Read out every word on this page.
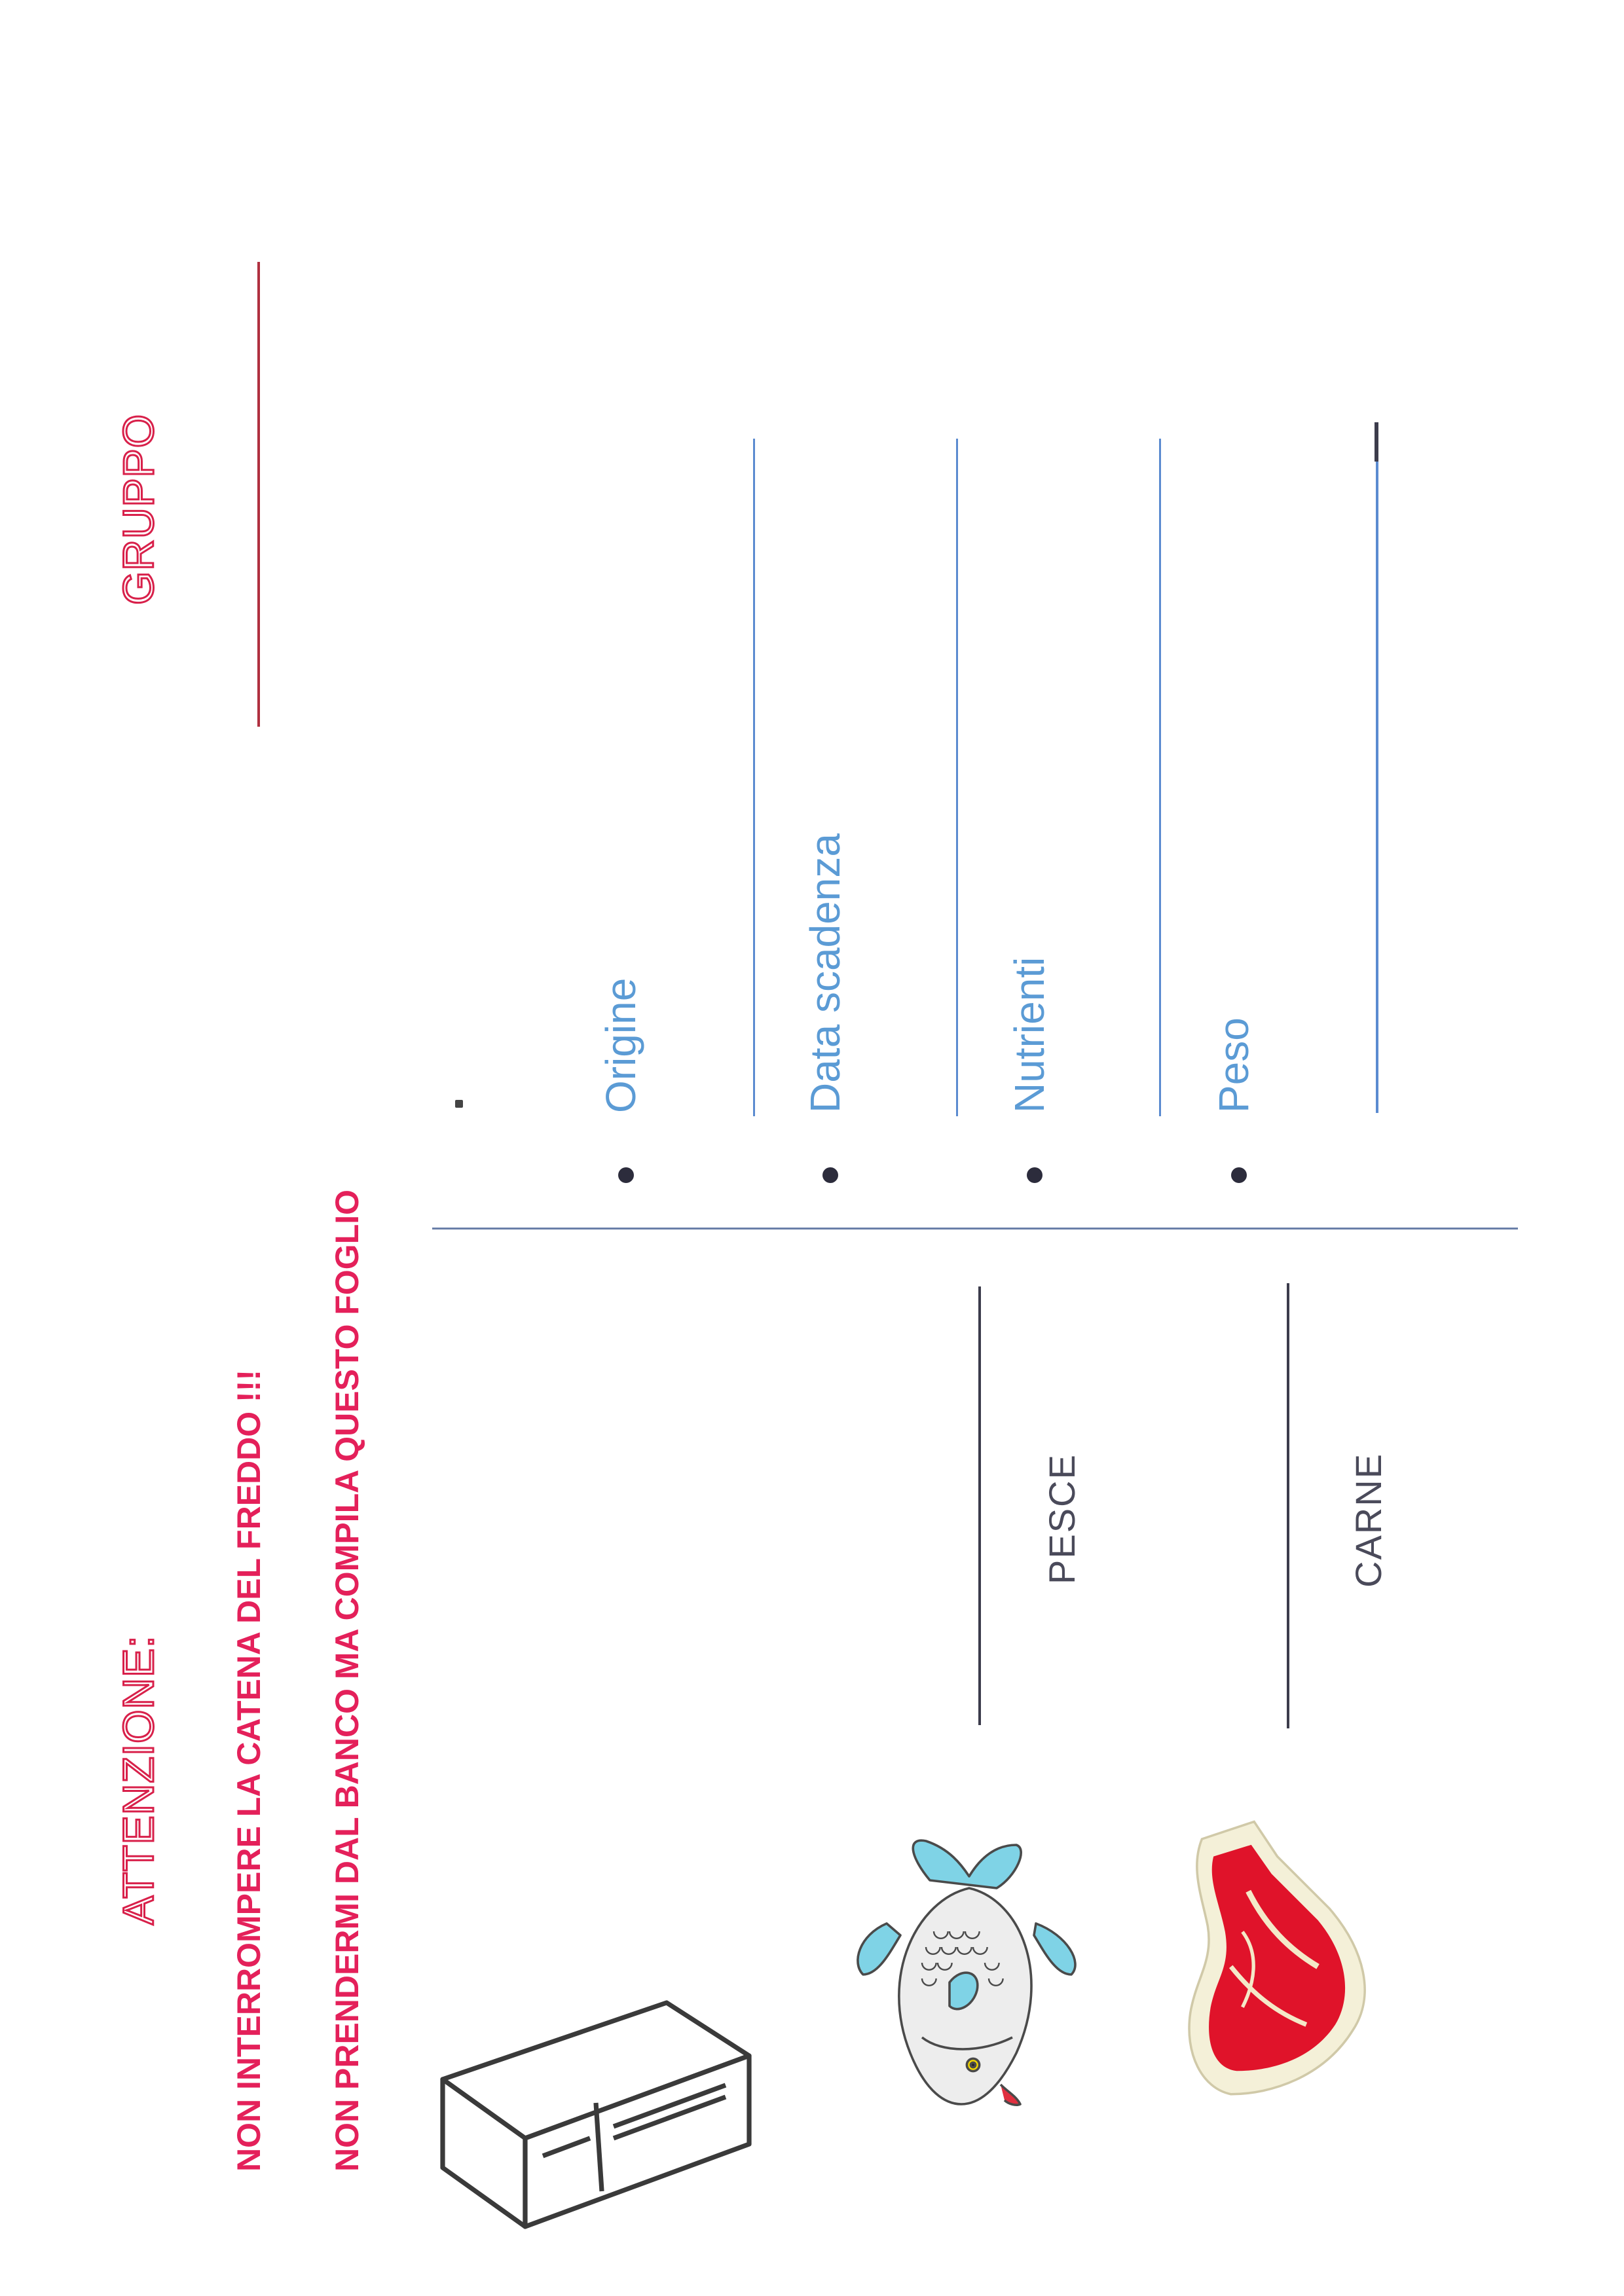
ATTENZIONE:
GRUPPO
NON INTERROMPERE LA CATENA DEL FREDDO !!! NON PRENDERMI DAL BANCO MA COMPILA QUESTO FOGLIO	PESCE	CARNE
Origine	Data scadenza	Nutrienti	Peso
